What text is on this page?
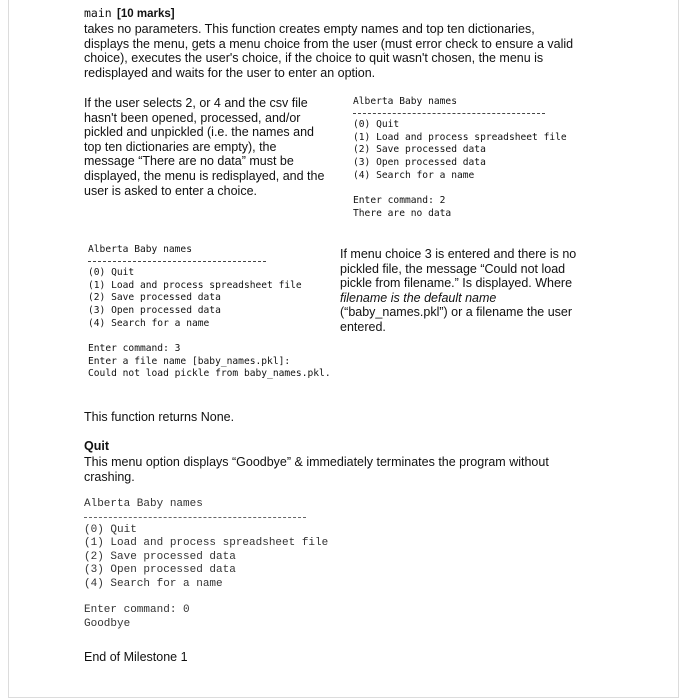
main [10 marks]
takes no parameters. This function creates empty names and top ten dictionaries,
displays the menu, gets a menu choice from the user (must error check to ensure a valid
choice), executes the user's choice, if the choice to quit wasn't chosen, the menu is
redisplayed and waits for the user to enter an option.
If the user selects 2, or 4 and the csv file
hasn't been opened, processed, and/or
pickled and unpickled (i.e. the names and
top ten dictionaries are empty), the
message “There are no data” must be
displayed, the menu is redisplayed, and the
user is asked to enter a choice.
Alberta Baby names
(0) Quit
(1) Load and process spreadsheet file
(2) Save processed data
(3) Open processed data
(4) Search for a name
Enter command: 2
There are no data
Alberta Baby names
(0) Quit
(1) Load and process spreadsheet file
(2) Save processed data
(3) Open processed data
(4) Search for a name
Enter command: 3
Enter a file name [baby_names.pkl]:
Could not load pickle from baby_names.pkl.
If menu choice 3 is entered and there is no
pickled file, the message “Could not load
pickle from filename.” Is displayed. Where
filename is the default name
(“baby_names.pkl”) or a filename the user
entered.
This function returns None.
Quit
This menu option displays “Goodbye” & immediately terminates the program without
crashing.
Alberta Baby names
(0) Quit
(1) Load and process spreadsheet file
(2) Save processed data
(3) Open processed data
(4) Search for a name
Enter command: 0
Goodbye
End of Milestone 1
